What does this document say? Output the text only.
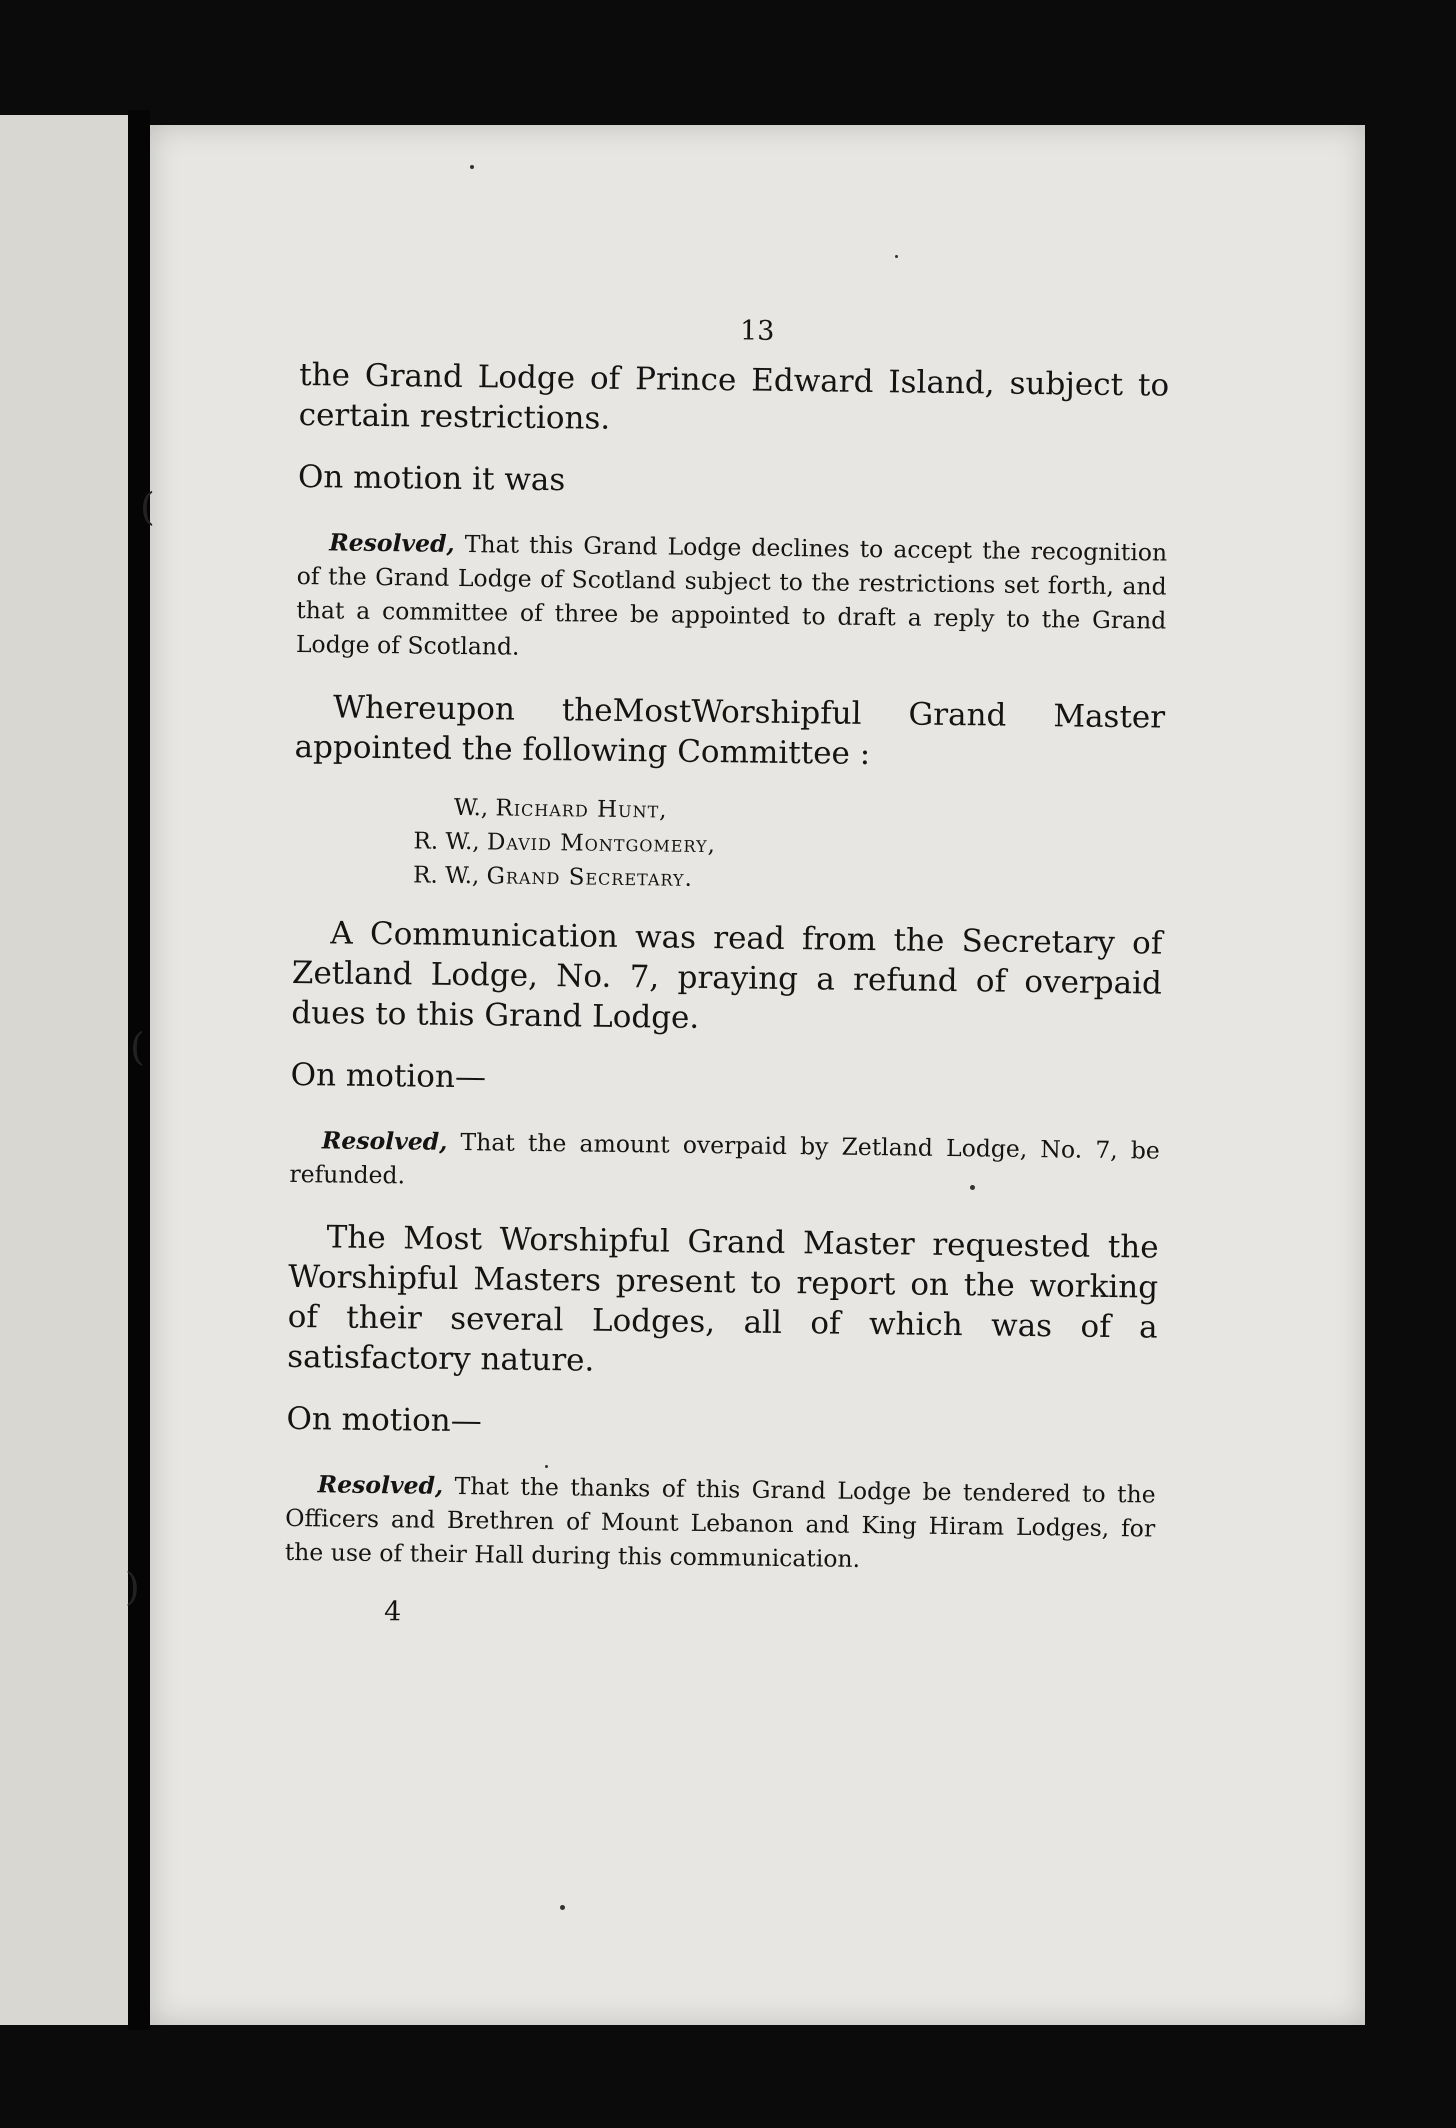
(
(
)
13

the Grand Lodge of Prince Edward Island, subject to certain restrictions.

On motion it was

Resolved, That this Grand Lodge declines to accept the recognition of the Grand Lodge of Scotland subject to the restrictions set forth, and that a committee of three be appointed to draft a reply to the Grand Lodge of Scotland.

Whereupon theMostWorshipful Grand Master appointed the following Committee :

W., Richard Hunt,
R. W., David Montgomery,
R. W., Grand Secretary.

A Communication was read from the Secretary of Zetland Lodge, No. 7, praying a refund of overpaid dues to this Grand Lodge.

On motion—

Resolved, That the amount overpaid by Zetland Lodge, No. 7, be refunded.

The Most Worshipful Grand Master requested the Worshipful Masters present to report on the working of their several Lodges, all of which was of a satisfactory nature.

On motion—

Resolved, That the thanks of this Grand Lodge be tendered to the Officers and Brethren of Mount Lebanon and King Hiram Lodges, for the use of their Hall during this communication.

4
